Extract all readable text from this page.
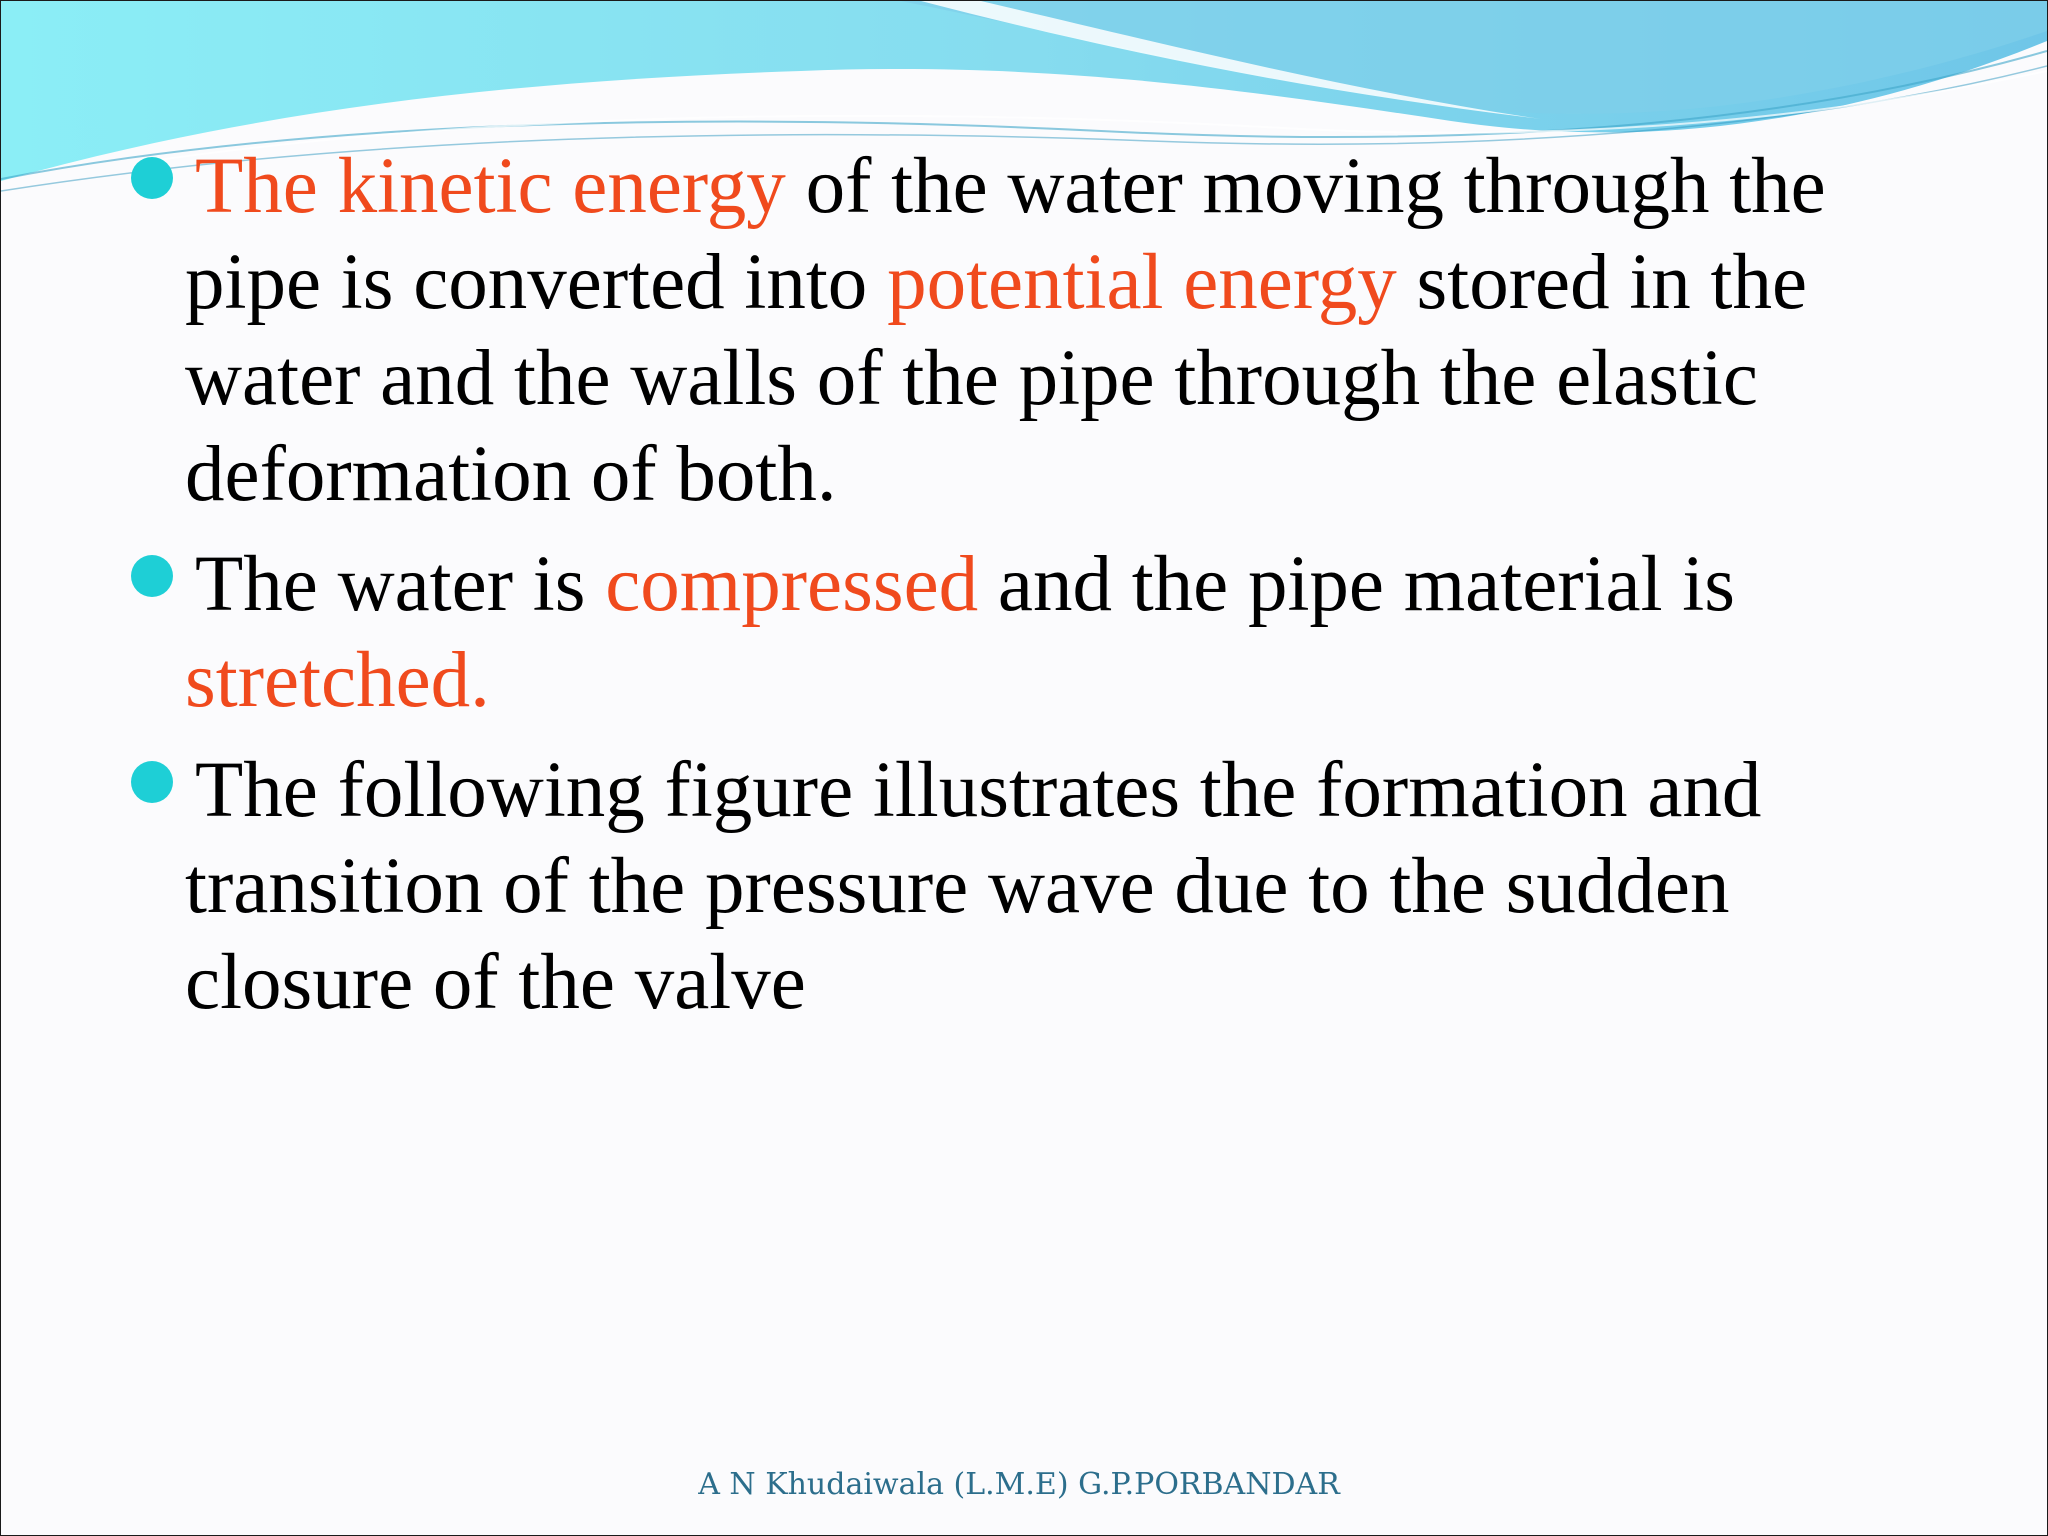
The kinetic energy of the water moving through the pipe is converted into potential energy stored in the water and the walls of the pipe through the elastic deformation of both.
The water is compressed and the pipe material is stretched.
The following figure illustrates the formation and transition of the pressure wave due to the sudden closure of the valve
A N Khudaiwala (L.M.E) G.P.PORBANDAR
